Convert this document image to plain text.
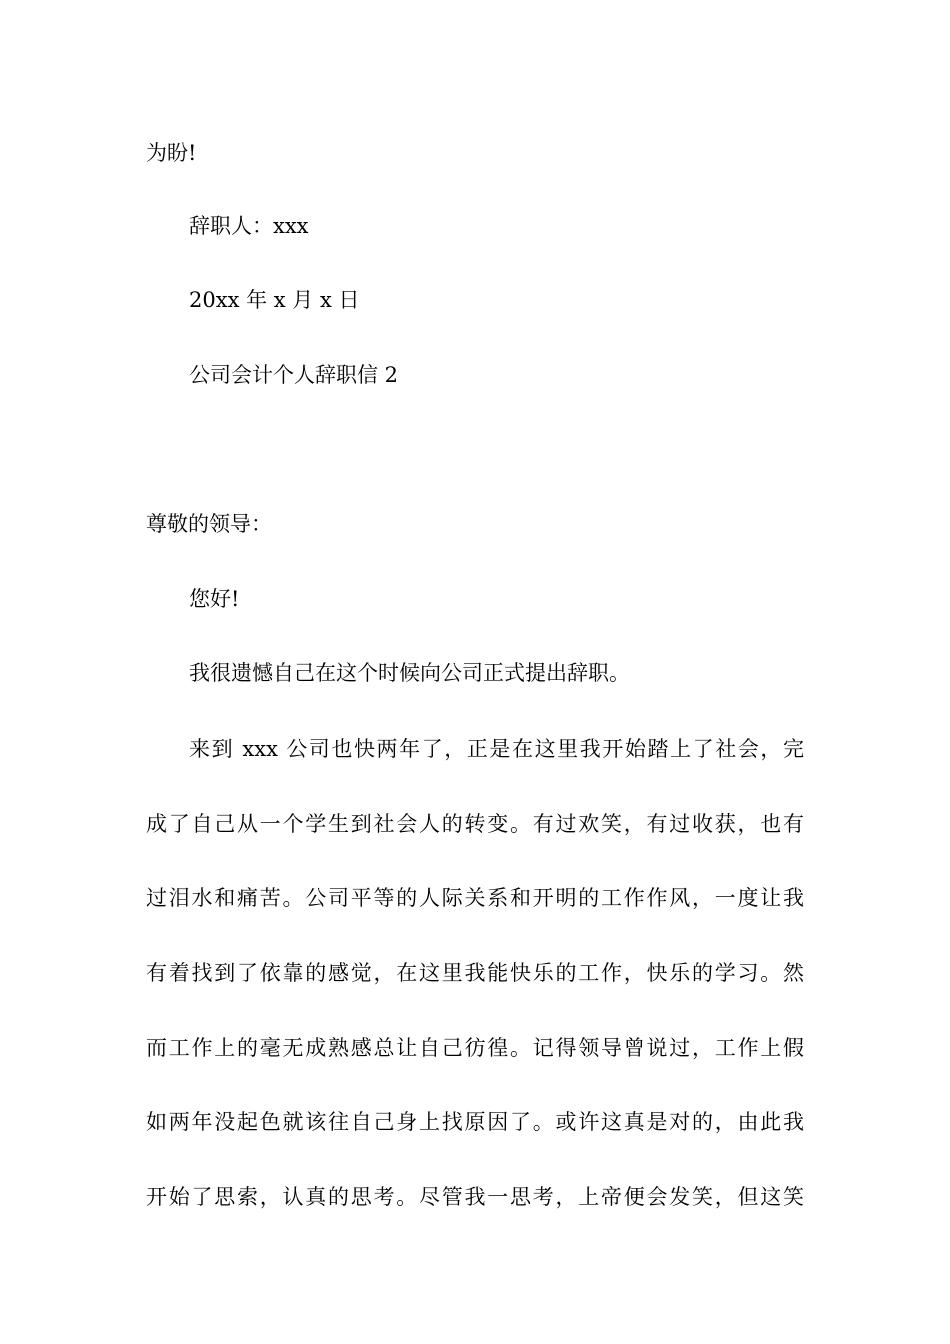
为盼!
辞职人：xxx
20xx 年 x 月 x 日
公司会计个人辞职信 2
尊敬的领导：
您好!
我很遗憾自己在这个时候向公司正式提出辞职。
来到 xxx 公司也快两年了，正是在这里我开始踏上了社会，完
成了自己从一个学生到社会人的转变。有过欢笑，有过收获，也有
过泪水和痛苦。公司平等的人际关系和开明的工作作风，一度让我
有着找到了依靠的感觉，在这里我能快乐的工作，快乐的学习。然
而工作上的毫无成熟感总让自己彷徨。记得领导曾说过，工作上假
如两年没起色就该往自己身上找原因了。或许这真是对的，由此我
开始了思索，认真的思考。尽管我一思考，上帝便会发笑，但这笑
